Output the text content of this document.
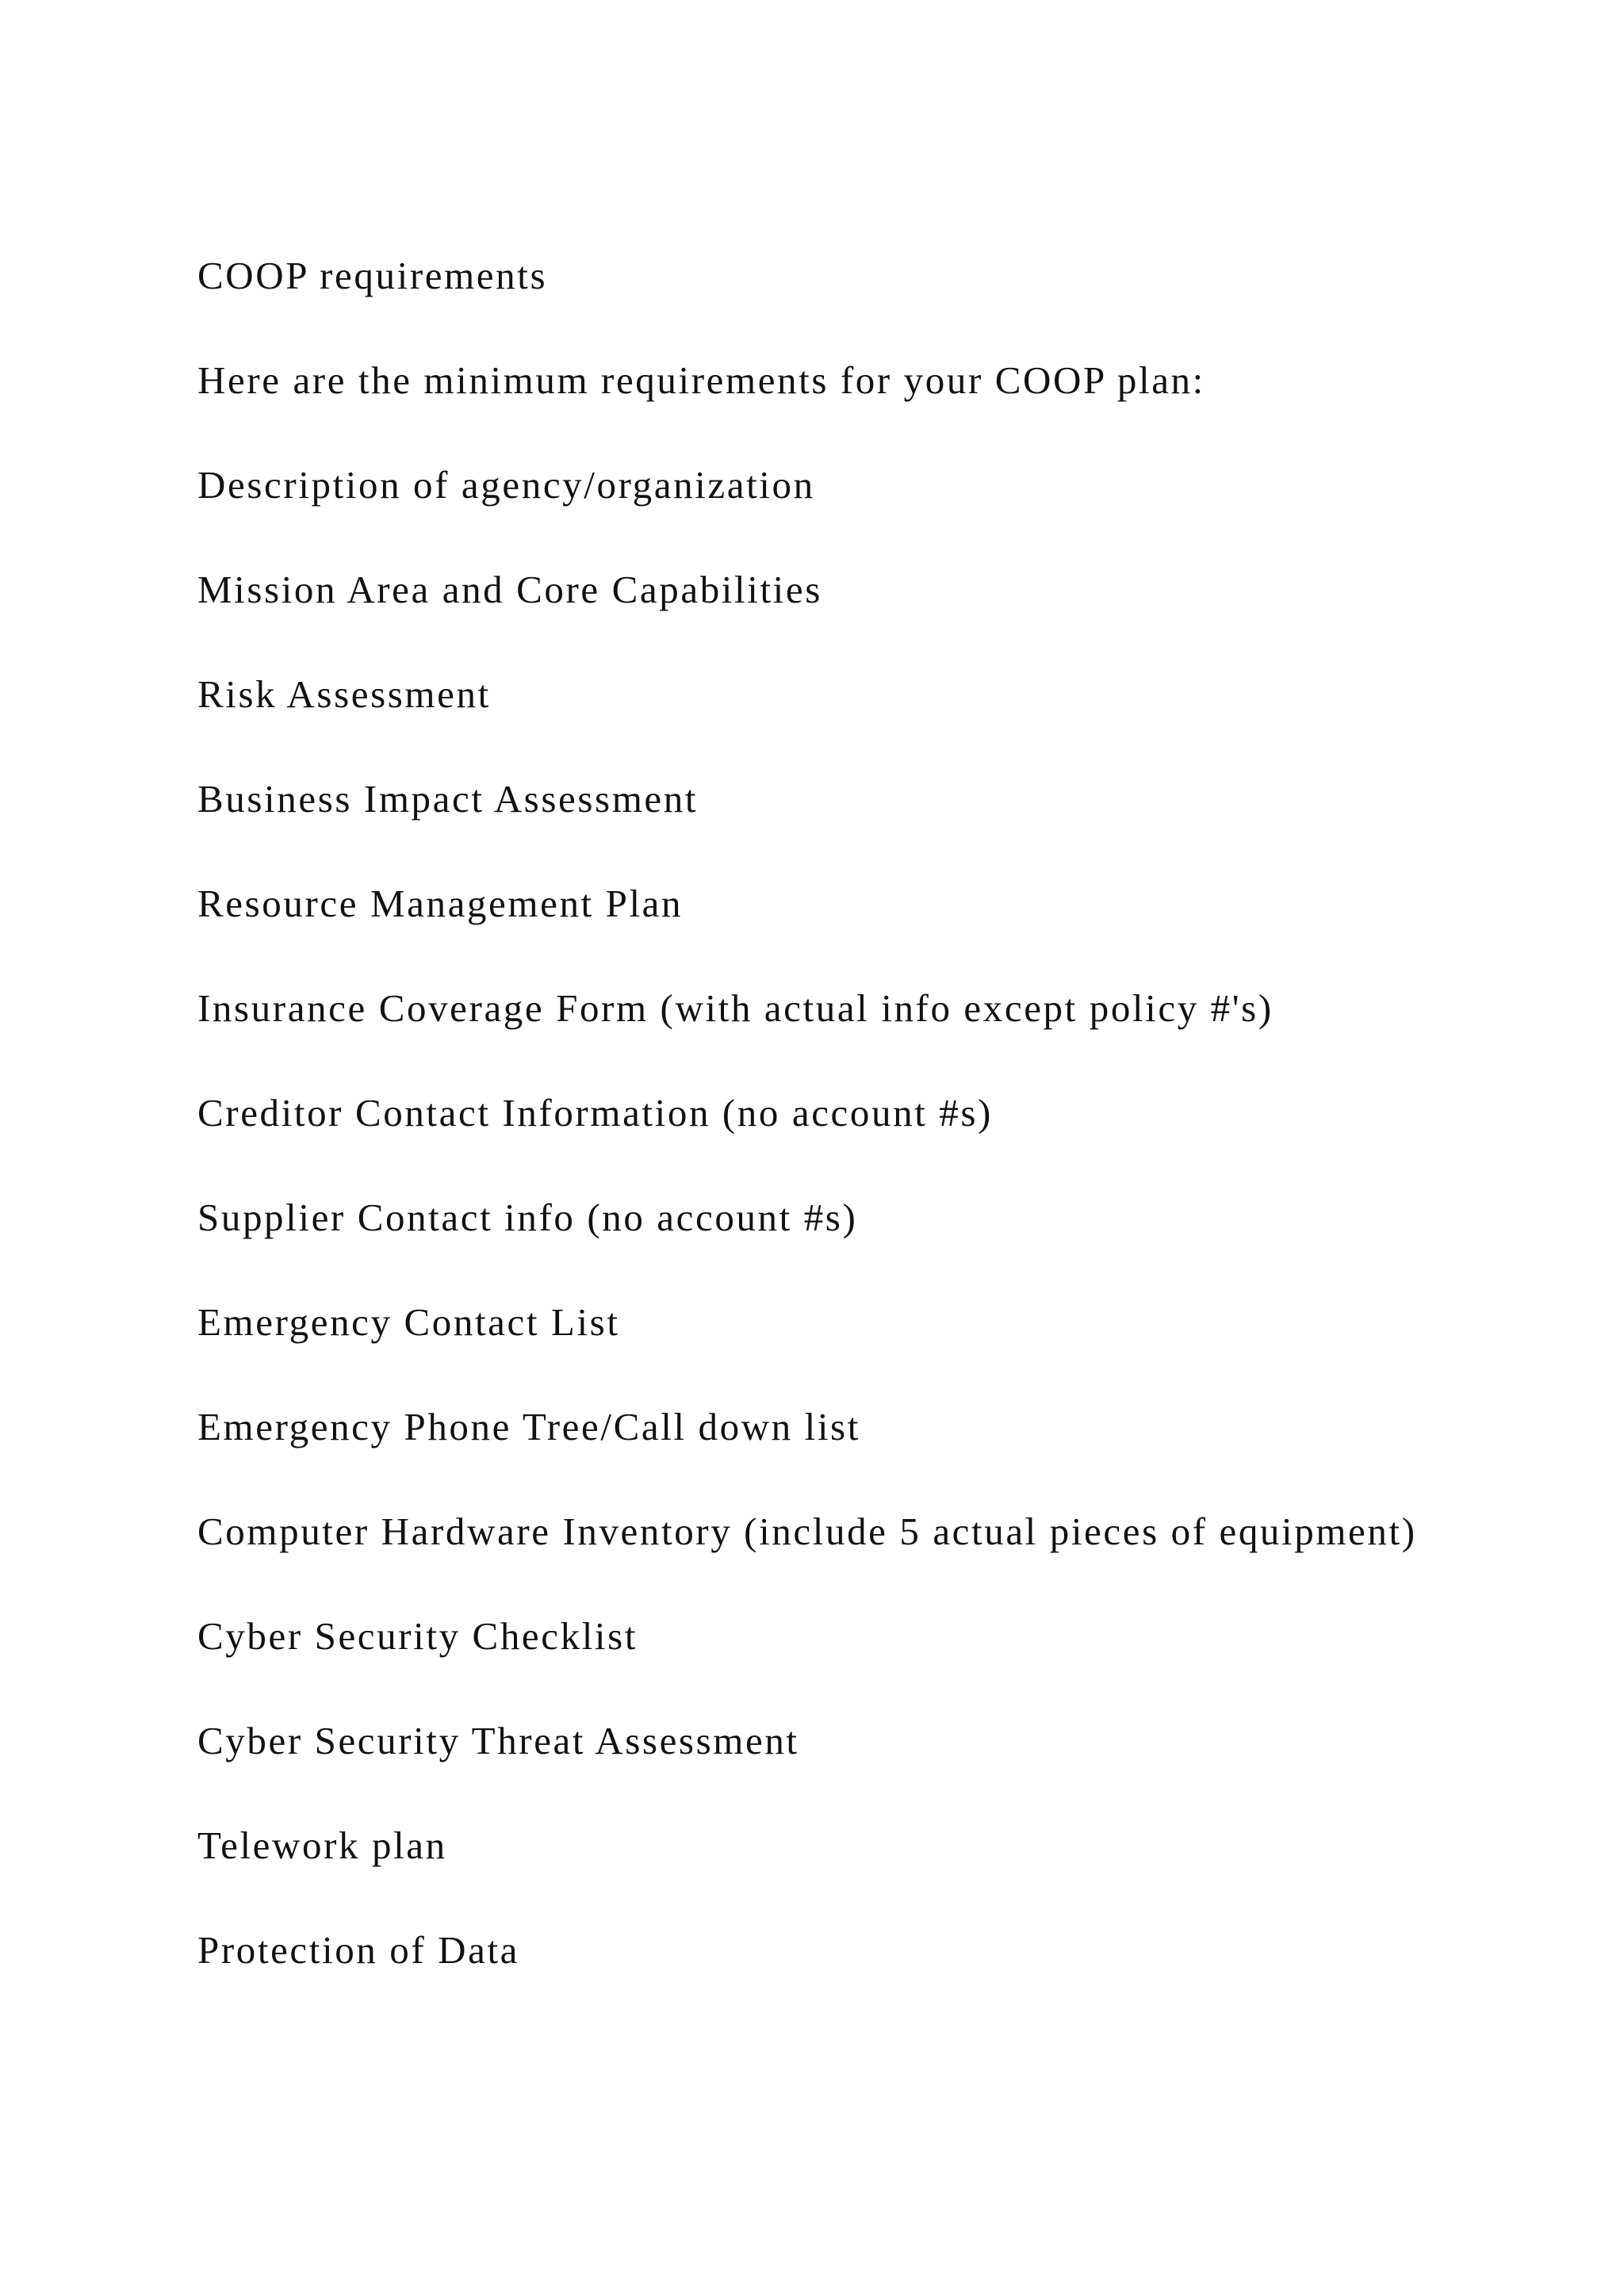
COOP requirements

Here are the minimum requirements for your COOP plan:

Description of agency/organization

Mission Area and Core Capabilities

Risk Assessment

Business Impact Assessment

Resource Management Plan

Insurance Coverage Form (with actual info except policy #'s)

Creditor Contact Information (no account #s)

Supplier Contact info (no account #s)

Emergency Contact List

Emergency Phone Tree/Call down list

Computer Hardware Inventory (include 5 actual pieces of equipment)

Cyber Security Checklist

Cyber Security Threat Assessment

Telework plan

Protection of Data
